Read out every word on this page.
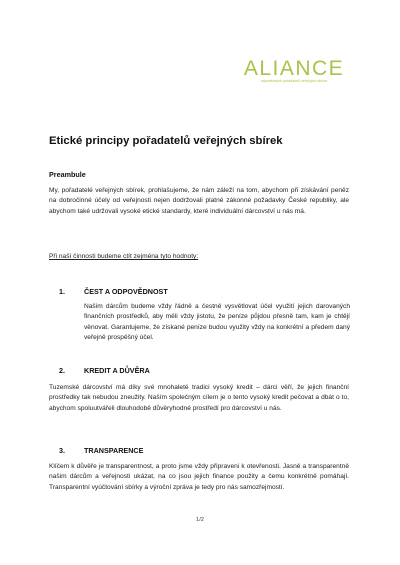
ALIANCE
odpovědných pořadatelů veřejných sbírek
Etické principy pořadatelů veřejných sbírek
Preambule
My, pořadatelé veřejných sbírek, prohlašujeme, že nám záleží na tom, abychom při získávání peněz na dobročinné účely od veřejnosti nejen dodržovali platné zákonné požadavky České republiky, ale abychom také udržovali vysoké etické standardy, které individuální dárcovství u nás má.
Při naší činnosti budeme ctít zejména tyto hodnoty:
1.	ČEST A ODPOVĚDNOST
Našim dárcům budeme vždy řádně a čestně vysvětlovat účel využití jejich darovaných finančních prostředků, aby měli vždy jistotu, že peníze půjdou přesně tam, kam je chtějí věnovat. Garantujeme, že získané peníze budou využity vždy na konkrétní a předem daný veřejně prospěšný účel.
2.	KREDIT A DŮVĚRA
Tuzemské dárcovství má díky své mnohaleté tradici vysoký kredit – dárci věří, že jejich finanční prostředky tak nebudou zneužity. Naším společným cílem je o tento vysoký kredit pečovat a dbát o to, abychom spoluutvářeli dlouhodobě důvěryhodné prostředí pro dárcovství u nás.
3.	TRANSPARENCE
Klíčem k důvěře je transparentnost, a proto jsme vždy připraveni k otevřenosti. Jasně a transparentně našim dárcům a veřejnosti ukázat, na co jsou jejich finance použity a čemu konkrétně pomáhají. Transparentní vyúčtování sbírky a výroční zpráva je tedy pro nás samozřejmostí.
1/2
